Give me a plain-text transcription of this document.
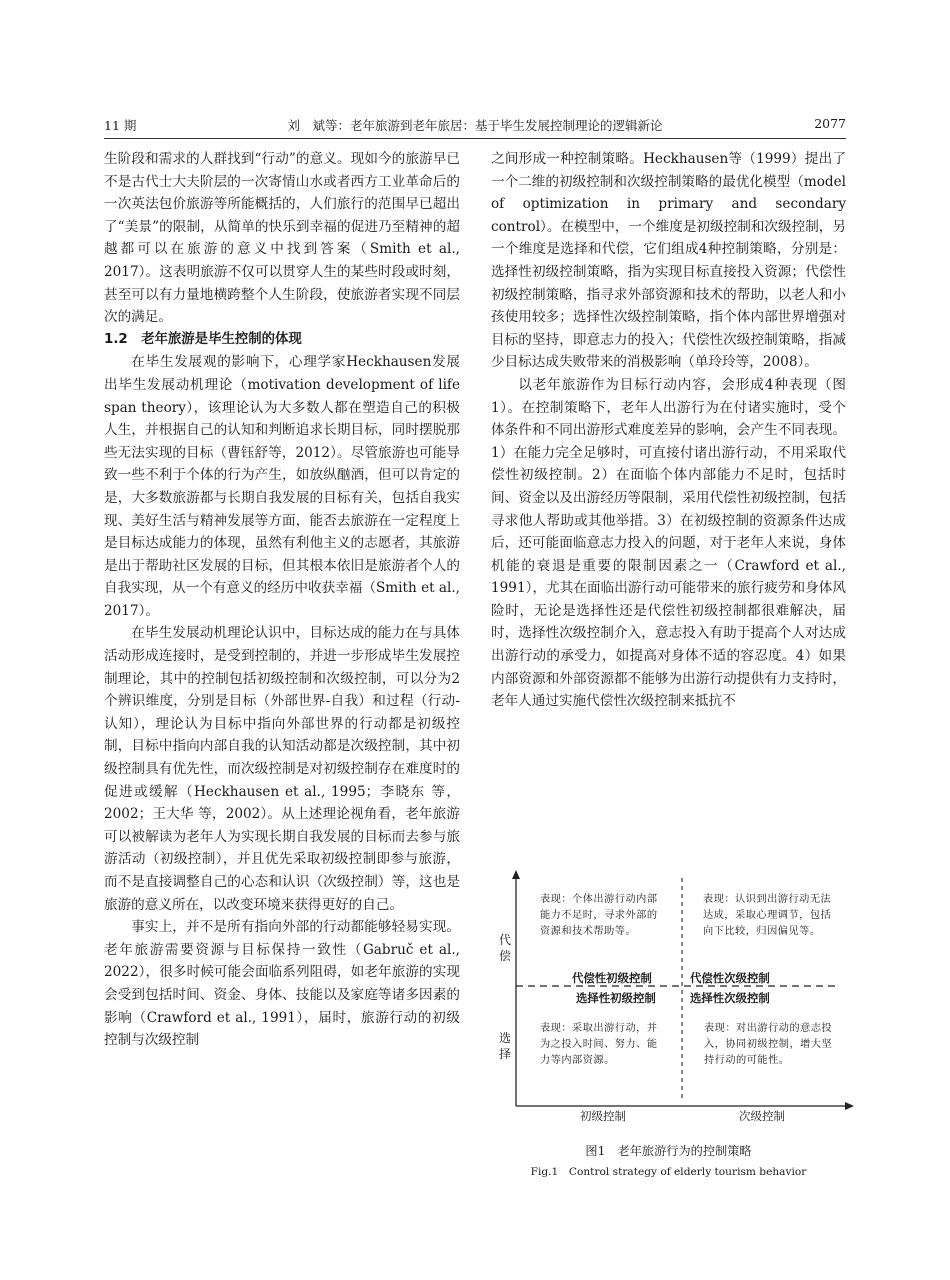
11 期	刘　斌等：老年旅游到老年旅居：基于毕生发展控制理论的逻辑新论	2077

生阶段和需求的人群找到“行动”的意义。现如今的旅游早已不是古代士大夫阶层的一次寄情山水或者西方工业革命后的一次英法包价旅游等所能概括的，人们旅行的范围早已超出了“美景”的限制，从简单的快乐到幸福的促进乃至精神的超越都可以在旅游的意义中找到答案（Smith et al., 2017）。这表明旅游不仅可以贯穿人生的某些时段或时刻，甚至可以有力量地横跨整个人生阶段，使旅游者实现不同层次的满足。

1.2　老年旅游是毕生控制的体现

在毕生发展观的影响下，心理学家Heckhausen发展出毕生发展动机理论（motivation development of life span theory），该理论认为大多数人都在塑造自己的积极人生，并根据自己的认知和判断追求长期目标，同时摆脱那些无法实现的目标（曹钰舒等，2012）。尽管旅游也可能导致一些不利于个体的行为产生，如放纵酗酒，但可以肯定的是，大多数旅游都与长期自我发展的目标有关，包括自我实现、美好生活与精神发展等方面，能否去旅游在一定程度上是目标达成能力的体现，虽然有利他主义的志愿者，其旅游是出于帮助社区发展的目标，但其根本依旧是旅游者个人的自我实现，从一个有意义的经历中收获幸福（Smith et al., 2017）。

在毕生发展动机理论认识中，目标达成的能力在与具体活动形成连接时，是受到控制的，并进一步形成毕生发展控制理论，其中的控制包括初级控制和次级控制，可以分为2个辨识维度，分别是目标（外部世界-自我）和过程（行动-认知），理论认为目标中指向外部世界的行动都是初级控制，目标中指向内部自我的认知活动都是次级控制，其中初级控制具有优先性，而次级控制是对初级控制存在难度时的促进或缓解（Heckhausen et al., 1995；李晓东 等，2002；王大华 等，2002）。从上述理论视角看，老年旅游可以被解读为老年人为实现长期自我发展的目标而去参与旅游活动（初级控制），并且优先采取初级控制即参与旅游，而不是直接调整自己的心态和认识（次级控制）等，这也是旅游的意义所在，以改变环境来获得更好的自己。

事实上，并不是所有指向外部的行动都能够轻易实现。老年旅游需要资源与目标保持一致性（Gabruč et al., 2022），很多时候可能会面临系列阻碍，如老年旅游的实现会受到包括时间、资金、身体、技能以及家庭等诸多因素的影响（Crawford et al., 1991），届时，旅游行动的初级控制与次级控制

之间形成一种控制策略。Heckhausen等（1999）提出了一个二维的初级控制和次级控制策略的最优化模型（model of optimization in primary and secondary control）。在模型中，一个维度是初级控制和次级控制，另一个维度是选择和代偿，它们组成4种控制策略，分别是：选择性初级控制策略，指为实现目标直接投入资源；代偿性初级控制策略，指寻求外部资源和技术的帮助，以老人和小孩使用较多；选择性次级控制策略，指个体内部世界增强对目标的坚持，即意志力的投入；代偿性次级控制策略，指减少目标达成失败带来的消极影响（单玲玲等，2008）。

以老年旅游作为目标行动内容，会形成4种表现（图1）。在控制策略下，老年人出游行为在付诸实施时，受个体条件和不同出游形式难度差异的影响，会产生不同表现。1）在能力完全足够时，可直接付诸出游行动，不用采取代偿性初级控制。2）在面临个体内部能力不足时，包括时间、资金以及出游经历等限制，采用代偿性初级控制，包括寻求他人帮助或其他举措。3）在初级控制的资源条件达成后，还可能面临意志力投入的问题，对于老年人来说，身体机能的衰退是重要的限制因素之一（Crawford et al., 1991），尤其在面临出游行动可能带来的旅行疲劳和身体风险时，无论是选择性还是代偿性初级控制都很难解决，届时，选择性次级控制介入，意志投入有助于提高个人对达成出游行动的承受力，如提高对身体不适的容忍度。4）如果内部资源和外部资源都不能够为出游行动提供有力支持时，老年人通过实施代偿性次级控制来抵抗不

表现：个体出游行动内部能力不足时，寻求外部的资源和技术帮助等。
表现：认识到出游行动无法达成，采取心理调节，包括向下比较，归因偏见等。
表现：采取出游行动，并为之投入时间、努力、能力等内部资源。
表现：对出游行动的意志投入，协同初级控制，增大坚持行动的可能性。
代偿性初级控制	代偿性次级控制
选择性初级控制	选择性次级控制
代
偿
选
择
初级控制	次级控制
图1　老年旅游行为的控制策略
Fig.1　Control strategy of elderly tourism behavior
